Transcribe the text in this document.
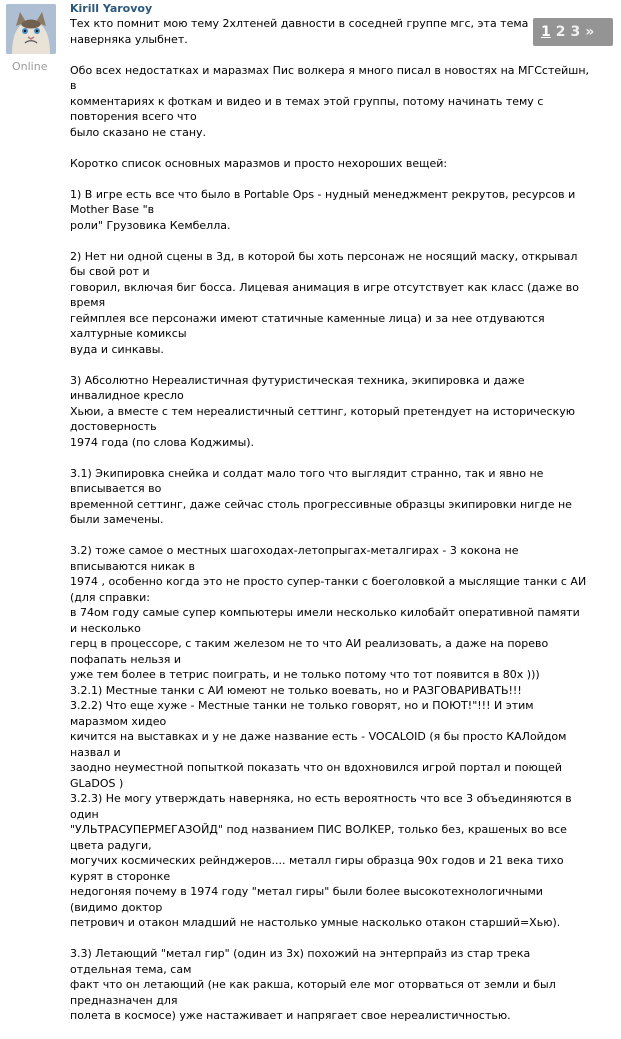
Online
Kirill Yarovoy
1 2 3 »

Тех кто помнит мою тему 2хлтеней давности в соседней группе мгс, эта тема наверняка улыбнет.

Обо всех недостатках и маразмах Пис волкера я много писал в новостях на МГСстейшн, в
комментариях к фоткам и видео и в темах этой группы, потому начинать тему с повторения всего что
было сказано не стану.

Коротко список основных маразмов и просто нехороших вещей:

1) В игре есть все что было в Portable Ops - нудный менеджмент рекрутов, ресурсов и Mother Base "в
роли" Грузовика Кембелла.

2) Нет ни одной сцены в 3д, в которой бы хоть персонаж не носящий маску, открывал бы свой рот и
говорил, включая биг босса. Лицевая анимация в игре отсутствует как класс (даже во время
геймплея все персонажи имеют статичные каменные лица) и за нее отдуваются халтурные комиксы
вуда и синкавы.

3) Абсолютно Нереалистичная футуристическая техника, экипировка и даже инвалидное кресло
Хьюи, а вместе с тем нереалистичный сеттинг, который претендует на историческую достоверность
1974 года (по слова Коджимы).

3.1) Экипировка снейка и солдат мало того что выглядит странно, так и явно не вписывается во
временной сеттинг, даже сейчас столь прогрессивные образцы экипировки нигде не были замечены.

3.2) тоже самое о местных шагоходах-летопрыгах-металгирах - 3 кокона не вписываются никак в
1974 , особенно когда это не просто супер-танки с боеголовкой а мыслящие танки с АИ (для справки:
в 74ом году самые супер компьютеры имели несколько килобайт оперативной памяти и несколько
герц в процессоре, с таким железом не то что АИ реализовать, а даже на порево пофапать нельзя и
уже тем более в тетрис поиграть, и не только потому что тот появится в 80х )))
3.2.1) Местные танки с АИ юмеют не только воевать, но и РАЗГОВАРИВАТЬ!!!
3.2.2) Что еще хуже - Местные танки не только говорят, но и ПОЮТ!"!!! И этим маразмом хидео
кичится на выставках и у не даже название есть - VOCALOID (я бы просто КАЛойдом назвал и
заодно неуместной попыткой показать что он вдохновился игрой портал и поющей GLaDOS )
3.2.3) Не могу утверждать наверняка, но есть вероятность что все 3 объединяются в один
"УЛЬТРАСУПЕРМЕГАЗОЙД" под названием ПИС ВОЛКЕР, только без, крашеных во все цвета радуги,
могучих космических рейнджеров.... металл гиры образца 90х годов и 21 века тихо курят в сторонке
недогоняя почему в 1974 году "метал гиры" были более высокотехнологичными (видимо доктор
петрович и отакон младший не настолько умные насколько отакон старший=Хью).

3.3) Летающий "метал гир" (один из 3х) похожий на энтерпрайз из стар трека отдельная тема, сам
факт что он летающий (не как ракша, который еле мог оторваться от земли и был предназначен для
полета в космосе) уже настаживает и напрягает свое нереалистичностью.
